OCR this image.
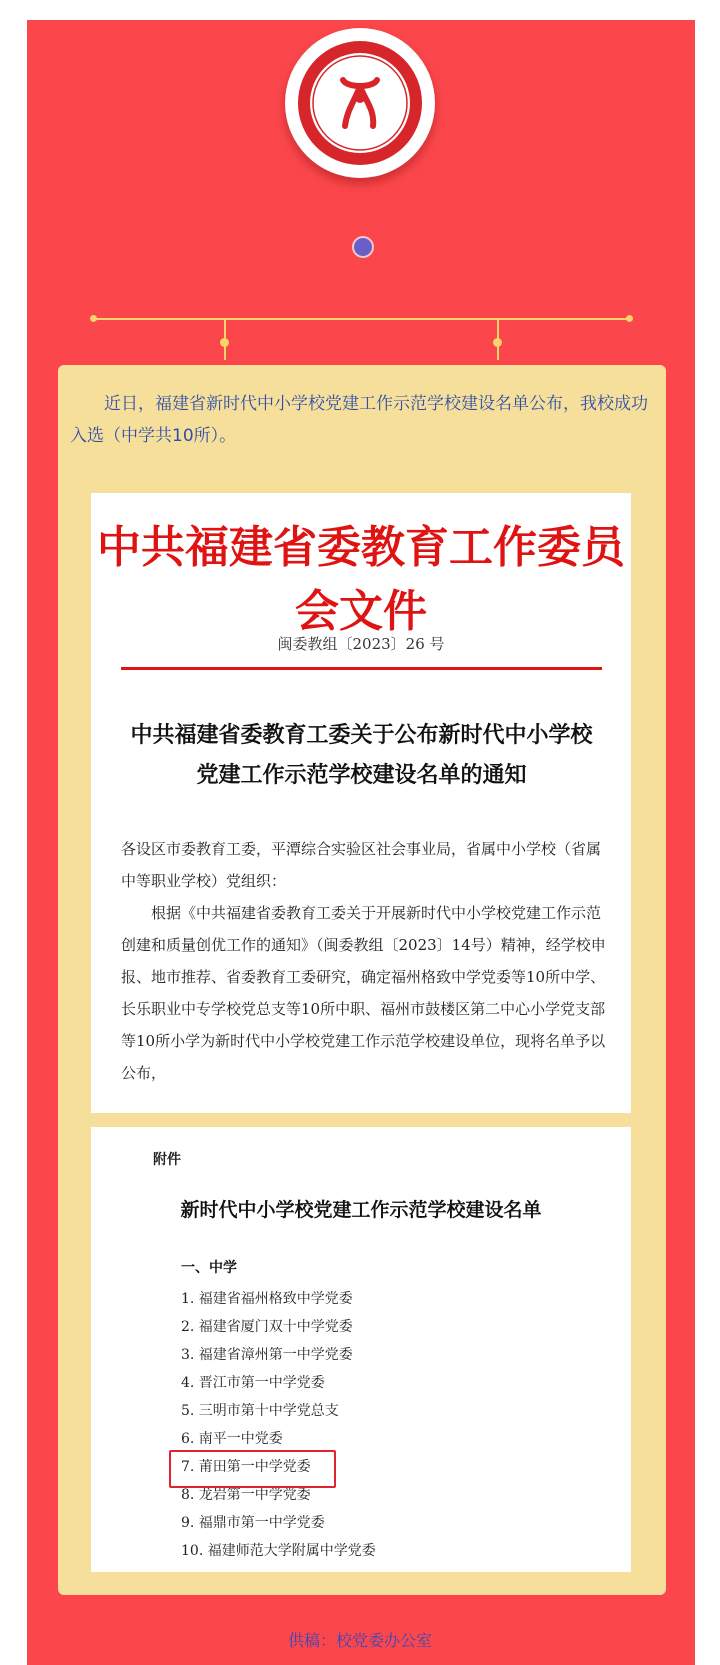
近日，福建省新时代中小学校党建工作示范学校建设名单公布，我校成功入选（中学共10所）。

中共福建省委教育工作委员会文件
闽委教组〔2023〕26 号
中共福建省委教育工委关于公布新时代中小学校党建工作示范学校建设名单的通知

各设区市委教育工委，平潭综合实验区社会事业局，省属中小学校（省属中等职业学校）党组织：

根据《中共福建省委教育工委关于开展新时代中小学校党建工作示范创建和质量创优工作的通知》（闽委教组〔2023〕14号）精神，经学校申报、地市推荐、省委教育工委研究，确定福州格致中学党委等10所中学、长乐职业中专学校党总支等10所中职、福州市鼓楼区第二中心小学党支部等10所小学为新时代中小学校党建工作示范学校建设单位，现将名单予以公布，

附件
新时代中小学校党建工作示范学校建设名单
一、中学
1. 福建省福州格致中学党委
2. 福建省厦门双十中学党委
3. 福建省漳州第一中学党委
4. 晋江市第一中学党委
5. 三明市第十中学党总支
6. 南平一中党委
7. 莆田第一中学党委
8. 龙岩第一中学党委
9. 福鼎市第一中学党委
10. 福建师范大学附属中学党委
供稿：校党委办公室
